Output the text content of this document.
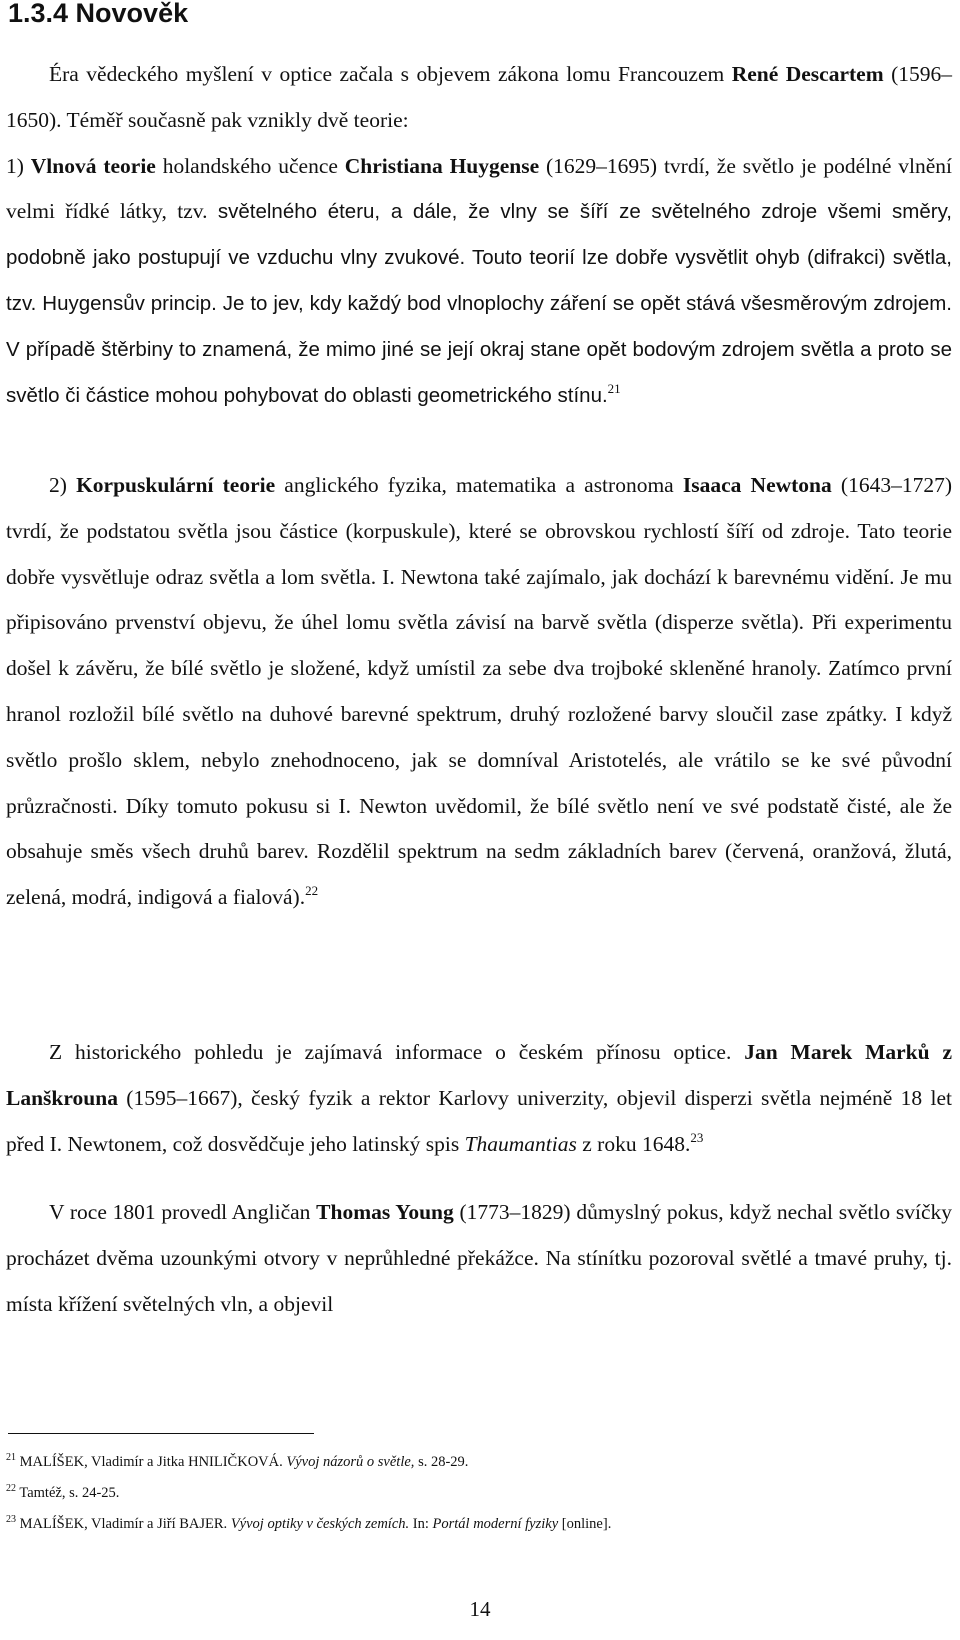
1.3.4 Novověk

Éra vědeckého myšlení v optice začala s objevem zákona lomu Francouzem René Descartem (1596–1650). Téměř současně pak vznikly dvě teorie:
1) Vlnová teorie holandského učence Christiana Huygense (1629–1695) tvrdí, že světlo je podélné vlnění velmi řídké látky, tzv. světelného éteru, a dále, že vlny se šíří ze světelného zdroje všemi směry, podobně jako postupují ve vzduchu vlny zvukové. Touto teorií lze dobře vysvětlit ohyb (difrakci) světla, tzv. Huygensův princip. Je to jev, kdy každý bod vlnoplochy záření se opět stává všesměrovým zdrojem. V případě štěrbiny to znamená, že mimo jiné se její okraj stane opět bodovým zdrojem světla a proto se světlo či částice mohou pohybovat do oblasti geometrického stínu.$^{21}$

2) Korpuskulární teorie anglického fyzika, matematika a astronoma Isaaca Newtona (1643–1727) tvrdí, že podstatou světla jsou částice (korpuskule), které se obrovskou rychlostí šíří od zdroje. Tato teorie dobře vysvětluje odraz světla a lom světla. I. Newtona také zajímalo, jak dochází k barevnému vidění. Je mu připisováno prvenství objevu, že úhel lomu světla závisí na barvě světla (disperze světla). Při experimentu došel k závěru, že bílé světlo je složené, když umístil za sebe dva trojboké skleněné hranoly. Zatímco první hranol rozložil bílé světlo na duhové barevné spektrum, druhý rozložené barvy sloučil zase zpátky. I když světlo prošlo sklem, nebylo znehodnoceno, jak se domníval Aristotelés, ale vrátilo se ke své původní průzračnosti. Díky tomuto pokusu si I. Newton uvědomil, že bílé světlo není ve své podstatě čisté, ale že obsahuje směs všech druhů barev. Rozdělil spektrum na sedm základních barev (červená, oranžová, žlutá, zelená, modrá, indigová a fialová).$^{22}$

Z historického pohledu je zajímavá informace o českém přínosu optice. Jan Marek Marků z Lanškrouna (1595–1667), český fyzik a rektor Karlovy univerzity, objevil disperzi světla nejméně 18 let před I. Newtonem, což dosvědčuje jeho latinský spis Thaumantias z roku 1648.23

V roce 1801 provedl Angličan Thomas Young (1773–1829) důmyslný pokus, když nechal světlo svíčky procházet dvěma uzounkými otvory v neprůhledné překážce. Na stínítku pozoroval světlé a tmavé pruhy, tj. místa křížení světelných vln, a objevil

$^{21}$ MALÍŠEK, Vladimír a Jitka HNILIČKOVÁ. Vývoj názorů o světle, s. 28-29.
$^{22}$ Tamtéž, s. 24-25.
$^{23}$ MALÍŠEK, Vladimír a Jiří BAJER. Vývoj optiky v českých zemích. In: Portál moderní fyziky [online].
14
